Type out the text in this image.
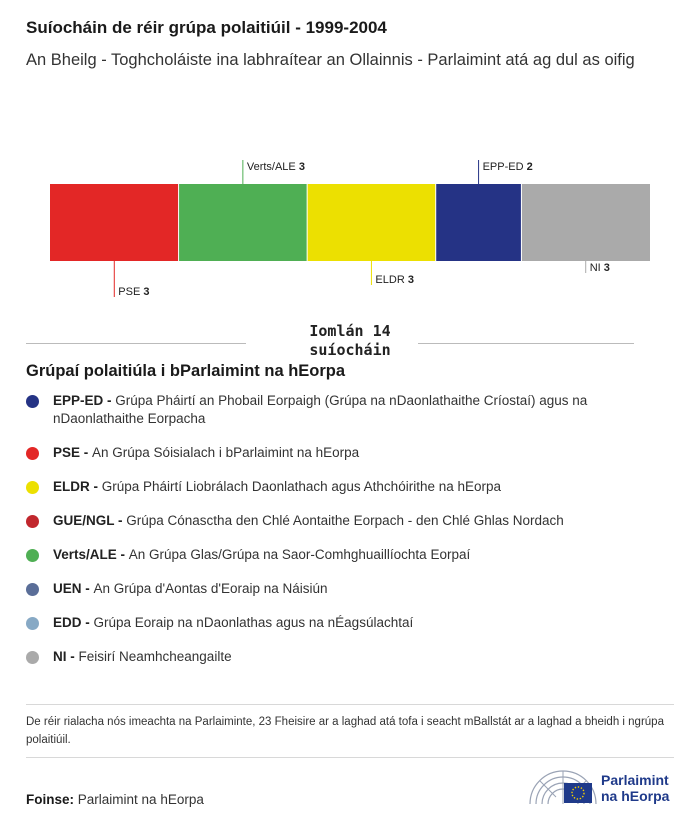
Suíocháin de réir grúpa polaitiúil - 1999-2004
An Bheilg - Toghcholáiste ina labhraítear an Ollainnis - Parlaimint atá ag dul as oifig
PSE 3
Verts/ALE 3
ELDR 3
EPP-ED 2
NI 3
Iomlán 14
suíocháin
Grúpaí polaitiúla i bParlaimint na hEorpa
EPP-ED - Grúpa Pháirtí an Phobail Eorpaigh (Grúpa na nDaonlathaithe Críostaí) agus na nDaonlathaithe Eorpacha
PSE - An Grúpa Sóisialach i bParlaimint na hEorpa
ELDR - Grúpa Pháirtí Liobrálach Daonlathach agus Athchóirithe na hEorpa
GUE/NGL - Grúpa Cónasctha den Chlé Aontaithe Eorpach - den Chlé Ghlas Nordach
Verts/ALE - An Grúpa Glas/Grúpa na Saor-Comhghuaillíochta Eorpaí
UEN - An Grúpa d'Aontas d'Eoraip na Náisiún
EDD - Grúpa Eoraip na nDaonlathas agus na nÉagsúlachtaí
NI - Feisirí Neamhcheangailte
De réir rialacha nós imeachta na Parlaiminte, 23 Fheisire ar a laghad atá tofa i seacht mBallstát ar a laghad a bheidh i ngrúpa polaitiúil.
Foinse: Parlaimint na hEorpa
Parlaimint
na hEorpa
